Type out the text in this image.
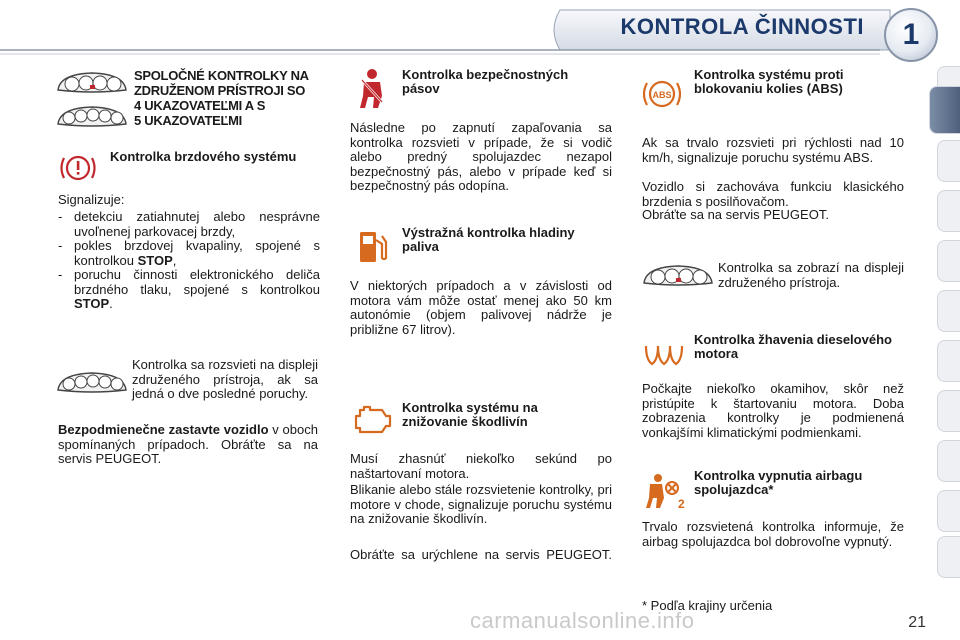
KONTROLA ČINNOSTI	1
SPOLOČNÉ KONTROLKY NA
ZDRUŽENOM PRÍSTROJI SO
4 UKAZOVATEĽMI A S
5 UKAZOVATEĽMI

Kontrolka brzdového systému

Signalizuje:

- detekciu zatiahnutej alebo nesprávne uvoľnenej parkovacej brzdy,
- pokles brzdovej kvapaliny, spojené s kontrolkou STOP,
- poruchu činnosti elektronického deliča brzdného tlaku, spojené s kontrolkou STOP.

Kontrolka sa rozsvieti na displeji združeného prístroja, ak sa jedná o dve posledné poruchy.

Bezpodmienečne zastavte vozidlo v oboch spomínaných prípadoch. Obráťte sa na servis PEUGEOT.

Kontrolka bezpečnostných pásov

Následne po zapnutí zapaľovania sa kontrolka rozsvieti v prípade, že si vodič alebo predný spolujazdec nezapol bezpečnostný pás, alebo v prípade keď si bezpečnostný pás odopína.

Výstražná kontrolka hladiny paliva

V niektorých prípadoch a v závislosti od motora vám môže ostať menej ako 50 km autonómie (objem palivovej nádrže je približne 67 litrov).

Kontrolka systému na znižovanie škodlivín

Musí zhasnúť niekoľko sekúnd po naštartovaní motora.

Blikanie alebo stále rozsvietenie kontrolky, pri motore v chode, signalizuje poruchu systému na znižovanie škodlivín.

Obráťte sa urýchlene na servis PEUGEOT.

ABS

Kontrolka systému proti blokovaniu kolies (ABS)

Ak sa trvalo rozsvieti pri rýchlosti nad 10 km/h, signalizuje poruchu systému ABS.

Vozidlo si zachováva funkciu klasického brzdenia s posilňovačom.

Obráťte sa na servis PEUGEOT.

Kontrolka sa zobrazí na displeji združeného prístroja.

Kontrolka žhavenia dieselového motora

Počkajte niekoľko okamihov, skôr než pristúpite k štartovaniu motora. Doba zobrazenia kontrolky je podmienená vonkajšími klimatickými podmienkami.

2

Kontrolka vypnutia airbagu spolujazdca*

Trvalo rozsvietená kontrolka informuje, že airbag spolujazdca bol dobrovoľne vypnutý.

* Podľa krajiny určenia

21
carmanualsonline.info
